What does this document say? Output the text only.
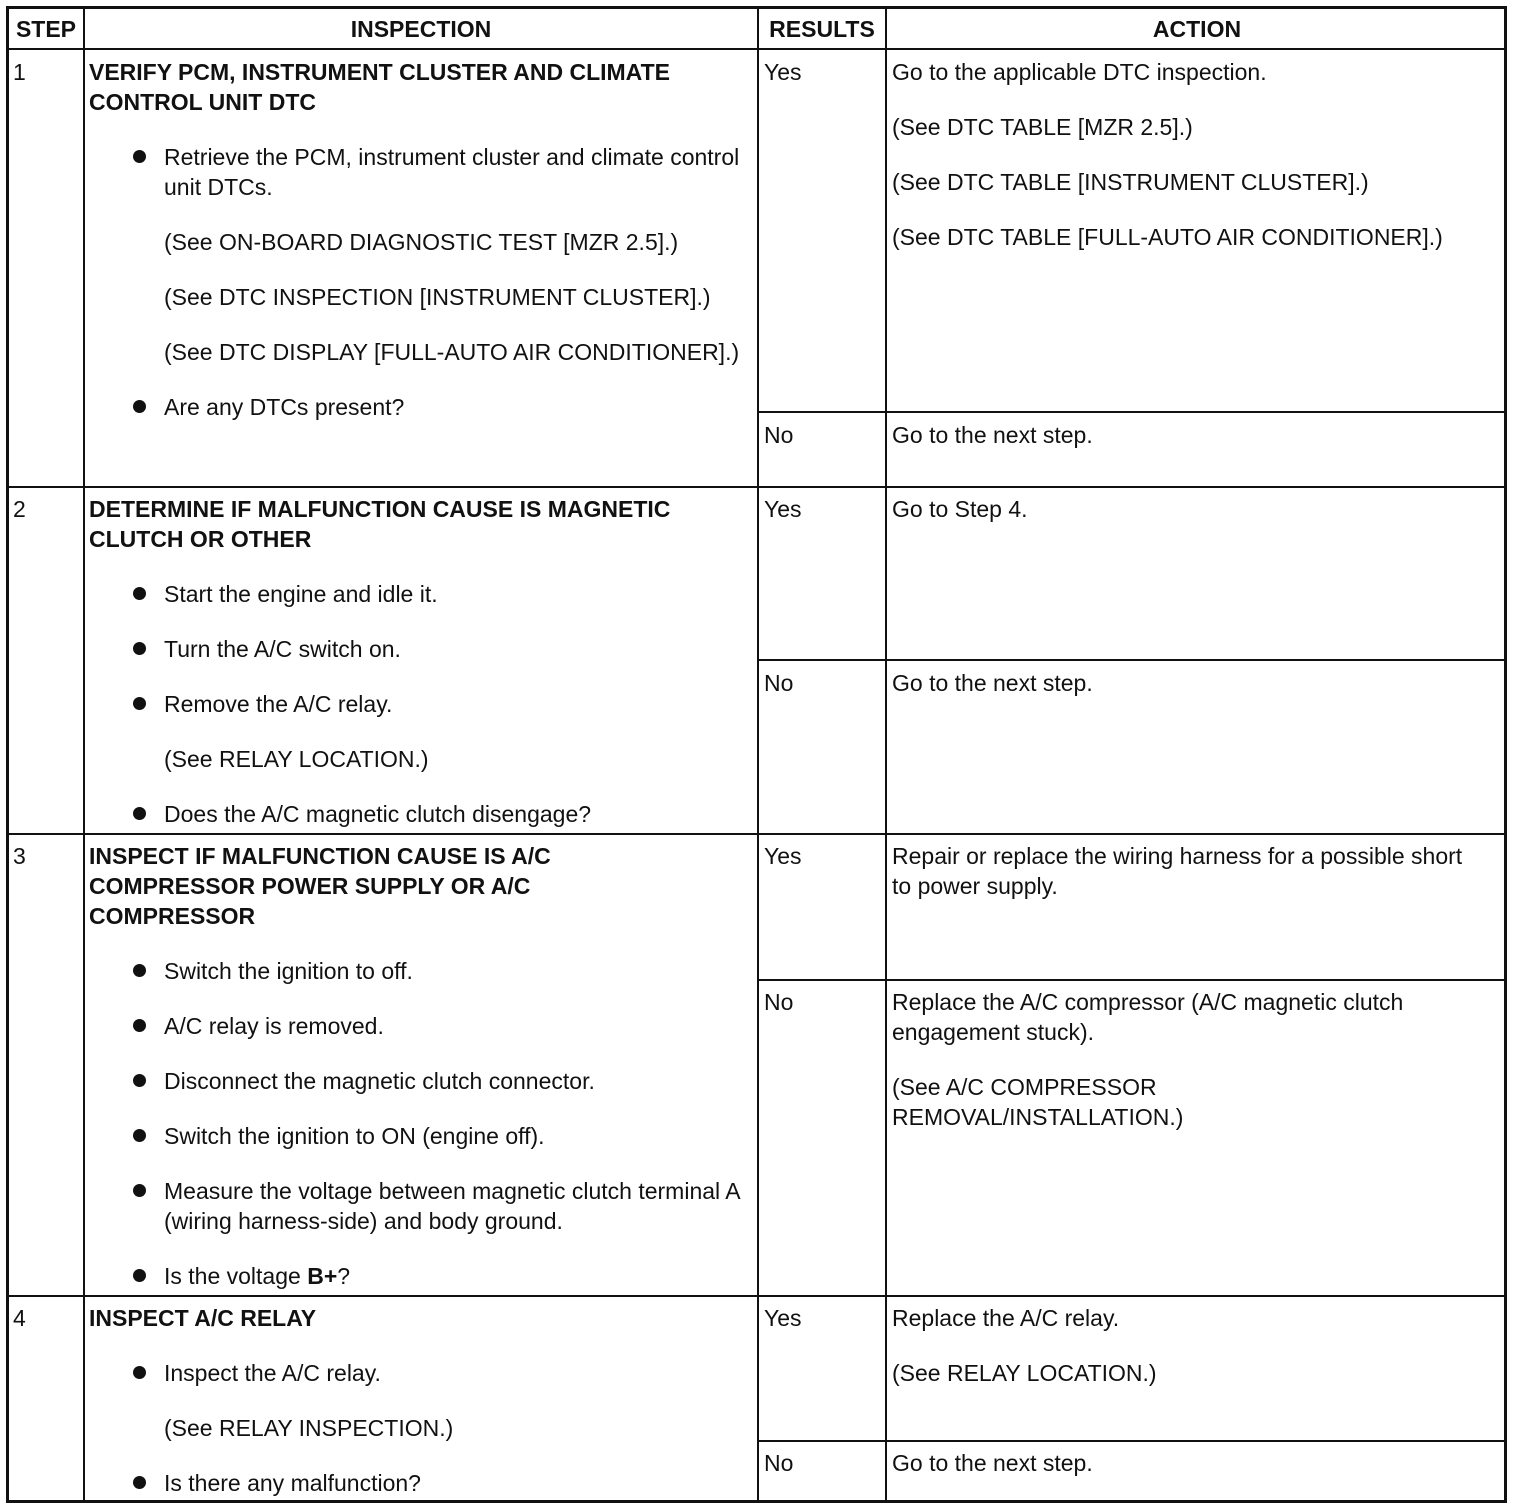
STEP	INSPECTION	RESULTS	ACTION
1	VERIFY PCM, INSTRUMENT CLUSTER AND CLIMATE CONTROL UNIT DTC
Retrieve the PCM, instrument cluster and climate control unit DTCs.
(See ON-BOARD DIAGNOSTIC TEST [MZR 2.5].)
(See DTC INSPECTION [INSTRUMENT CLUSTER].)
(See DTC DISPLAY [FULL-AUTO AIR CONDITIONER].)
Are any DTCs present?
Yes	Go to the applicable DTC inspection.

(See DTC TABLE [MZR 2.5].)

(See DTC TABLE [INSTRUMENT CLUSTER].)

(See DTC TABLE [FULL-AUTO AIR CONDITIONER].)

No	Go to the next step.

2	DETERMINE IF MALFUNCTION CAUSE IS MAGNETIC CLUTCH OR OTHER
Start the engine and idle it.
Turn the A/C switch on.
Remove the A/C relay.
(See RELAY LOCATION.)
Does the A/C magnetic clutch disengage?
Yes	Go to Step 4.

No	Go to the next step.

3	INSPECT IF MALFUNCTION CAUSE IS A/C COMPRESSOR POWER SUPPLY OR A/C COMPRESSOR
Switch the ignition to off.
A/C relay is removed.
Disconnect the magnetic clutch connector.
Switch the ignition to ON (engine off).
Measure the voltage between magnetic clutch terminal A (wiring harness-side) and body ground.
Is the voltage B+?
Yes	Repair or replace the wiring harness for a possible short to power supply.

No	Replace the A/C compressor (A/C magnetic clutch engagement stuck).

(See A/C COMPRESSOR REMOVAL/INSTALLATION.)

4	INSPECT A/C RELAY
Inspect the A/C relay.
(See RELAY INSPECTION.)
Is there any malfunction?
Yes	Replace the A/C relay.

(See RELAY LOCATION.)

No	Go to the next step.
